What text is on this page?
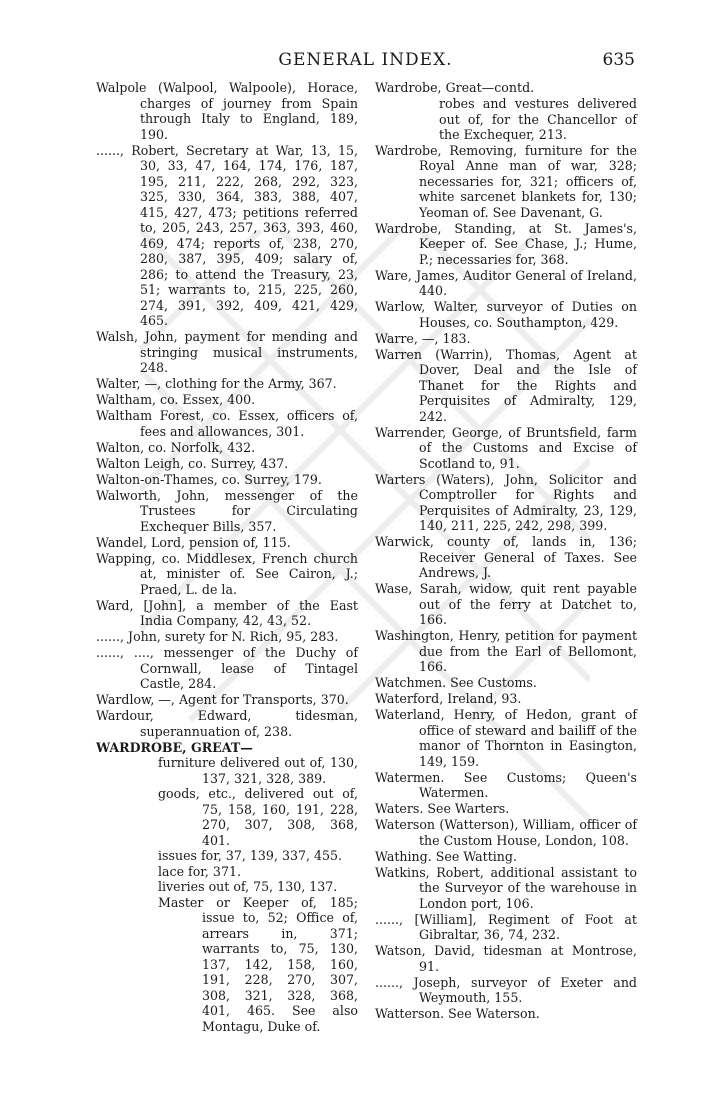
GENERAL INDEX.	635

Walpole (Walpool, Walpoole), Horace, charges of journey from Spain through Italy to England, 189, 190.

......, Robert, Secretary at War, 13, 15, 30, 33, 47, 164, 174, 176, 187, 195, 211, 222, 268, 292, 323, 325, 330, 364, 383, 388, 407, 415, 427, 473; petitions referred to, 205, 243, 257, 363, 393, 460, 469, 474; reports of, 238, 270, 280, 387, 395, 409; salary of, 286; to attend the Treasury, 23, 51; warrants to, 215, 225, 260, 274, 391, 392, 409, 421, 429, 465.

Walsh, John, payment for mending and stringing musical instruments, 248.

Walter, —, clothing for the Army, 367.

Waltham, co. Essex, 400.

Waltham Forest, co. Essex, officers of, fees and allowances, 301.

Walton, co. Norfolk, 432.

Walton Leigh, co. Surrey, 437.

Walton-on-Thames, co. Surrey, 179.

Walworth, John, messenger of the Trustees for Circulating Exchequer Bills, 357.

Wandel, Lord, pension of, 115.

Wapping, co. Middlesex, French church at, minister of. See Cairon, J.; Praed, L. de la.

Ward, [John], a member of the East India Company, 42, 43, 52.

......, John, surety for N. Rich, 95, 283.

......, ...., messenger of the Duchy of Cornwall, lease of Tintagel Castle, 284.

Wardlow, —, Agent for Transports, 370.

Wardour, Edward, tidesman, superannuation of, 238.

WARDROBE, GREAT—

furniture delivered out of, 130, 137, 321, 328, 389.

goods, etc., delivered out of, 75, 158, 160, 191, 228, 270, 307, 308, 368, 401.

issues for, 37, 139, 337, 455.

lace for, 371.

liveries out of, 75, 130, 137.

Master or Keeper of, 185; issue to, 52; Office of, arrears in, 371; warrants to, 75, 130, 137, 142, 158, 160, 191, 228, 270, 307, 308, 321, 328, 368, 401, 465. See also Montagu, Duke of.

Wardrobe, Great—contd.

robes and vestures delivered out of, for the Chancellor of the Exchequer, 213.

Wardrobe, Removing, furniture for the Royal Anne man of war, 328; necessaries for, 321; officers of, white sarcenet blankets for, 130; Yeoman of. See Davenant, G.

Wardrobe, Standing, at St. James's, Keeper of. See Chase, J.; Hume, P.; necessaries for, 368.

Ware, James, Auditor General of Ireland, 440.

Warlow, Walter, surveyor of Duties on Houses, co. Southampton, 429.

Warre, —, 183.

Warren (Warrin), Thomas, Agent at Dover, Deal and the Isle of Thanet for the Rights and Perquisites of Admiralty, 129, 242.

Warrender, George, of Bruntsfield, farm of the Customs and Excise of Scotland to, 91.

Warters (Waters), John, Solicitor and Comptroller for Rights and Perquisites of Admiralty, 23, 129, 140, 211, 225, 242, 298, 399.

Warwick, county of, lands in, 136; Receiver General of Taxes. See Andrews, J.

Wase, Sarah, widow, quit rent payable out of the ferry at Datchet to, 166.

Washington, Henry, petition for payment due from the Earl of Bellomont, 166.

Watchmen. See Customs.

Waterford, Ireland, 93.

Waterland, Henry, of Hedon, grant of office of steward and bailiff of the manor of Thornton in Easington, 149, 159.

Watermen. See Customs; Queen's Watermen.

Waters. See Warters.

Waterson (Watterson), William, officer of the Custom House, London, 108.

Wathing. See Watting.

Watkins, Robert, additional assistant to the Surveyor of the warehouse in London port, 106.

......, [William], Regiment of Foot at Gibraltar, 36, 74, 232.

Watson, David, tidesman at Montrose, 91.

......, Joseph, surveyor of Exeter and Weymouth, 155.

Watterson. See Waterson.
